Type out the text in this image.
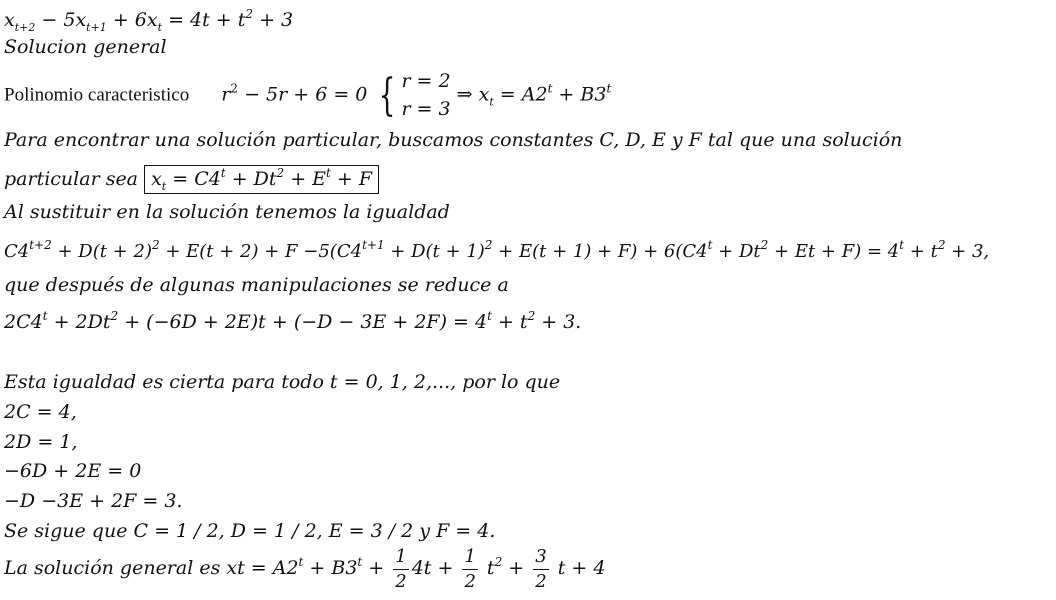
$x_{t+2} - 5x_{t+1} + 6x_t = 4t + t^2 + 3$
Solucion general
Polinomio caracteristico $r^2 - 5r + 6 = 0$ { r = 2
r = 3
⇒ $x_t = A2^t + B3^t$
Para encontrar una solución particular, buscamos constantes C, D, E y F tal que una solución
particular sea $x_t = C4^t + Dt^2 + E^t + F$
Al sustituir en la solución tenemos la igualdad
$C4^{t+2} + D(t + 2)^2 + E(t + 2) + F -5(C4^{t+1} + D(t + 1)^2 + E(t + 1) + F) + 6(C4^t + Dt^2 + Et + F) = 4^t + t^2 + 3$,
que después de algunas manipulaciones se reduce a
$2C4^t + 2Dt^2 + (-6D + 2E)t + (-D - 3E + 2F) = 4^t + t^2 + 3$.
Esta igualdad es cierta para todo t = 0, 1, 2,..., por lo que
2C = 4,
2D = 1,
−6D + 2E = 0
−D −3E + 2F = 3.
Se sigue que C = 1 / 2, D = 1 / 2, E = 3 / 2 y F = 4.
La solución general es xt = $A2^t + B3^t + \frac{1}{2} 4t + \frac{1}{2} t^2 + \frac{3}{2}$ t + 4
